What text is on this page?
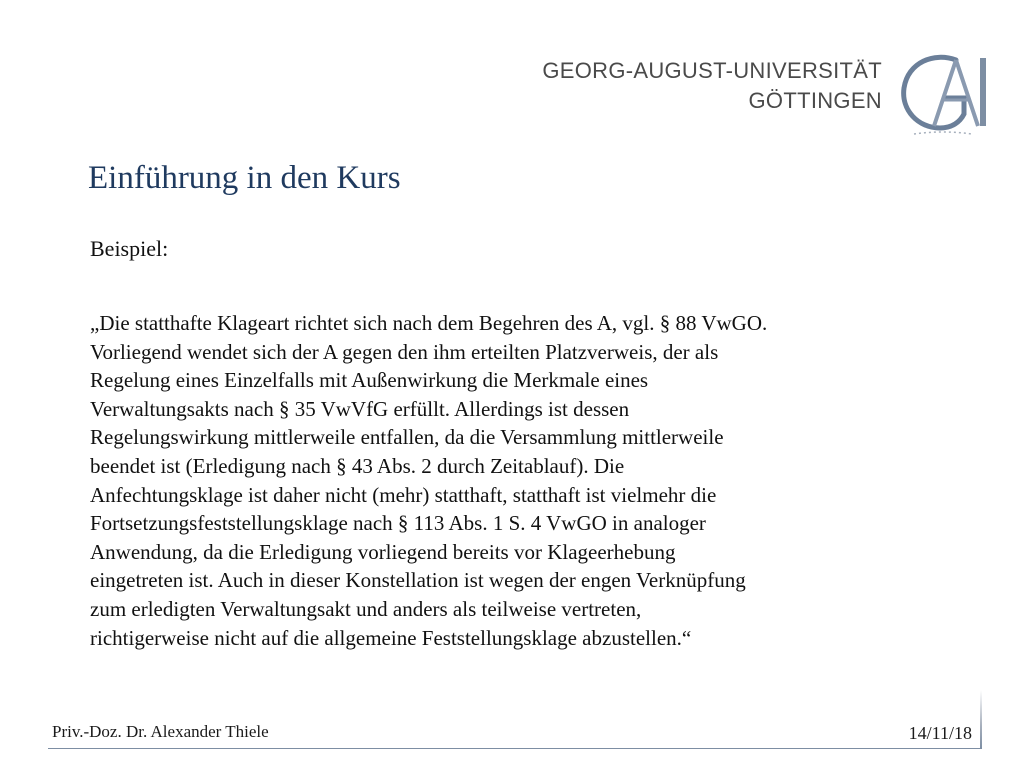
GEORG-AUGUST-UNIVERSITÄT
GÖTTINGEN
Einführung in den Kurs

Beispiel:

„Die statthafte Klageart richtet sich nach dem Begehren des A, vgl. § 88 VwGO.
Vorliegend wendet sich der A gegen den ihm erteilten Platzverweis, der als
Regelung eines Einzelfalls mit Außenwirkung die Merkmale eines
Verwaltungsakts nach § 35 VwVfG erfüllt. Allerdings ist dessen
Regelungswirkung mittlerweile entfallen, da die Versammlung mittlerweile
beendet ist (Erledigung nach § 43 Abs. 2 durch Zeitablauf). Die
Anfechtungsklage ist daher nicht (mehr) statthaft, statthaft ist vielmehr die
Fortsetzungsfeststellungsklage nach § 113 Abs. 1 S. 4 VwGO in analoger
Anwendung, da die Erledigung vorliegend bereits vor Klageerhebung
eingetreten ist. Auch in dieser Konstellation ist wegen der engen Verknüpfung
zum erledigten Verwaltungsakt und anders als teilweise vertreten,
richtigerweise nicht auf die allgemeine Feststellungsklage abzustellen.“

Priv.-Doz. Dr. Alexander Thiele	14/11/18
